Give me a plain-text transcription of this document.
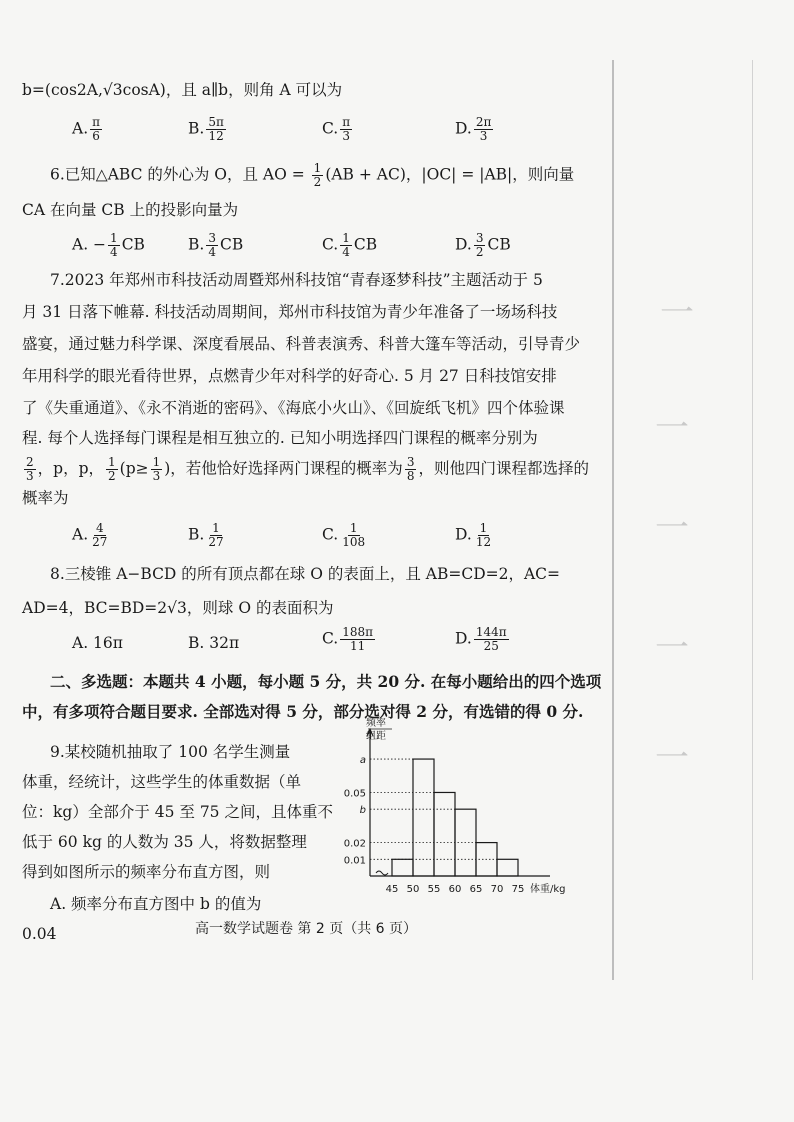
一
一
一
一
一
b=(cos2A,√3cosA)，且 a∥b，则角 A 可以为
A. $\frac{\pi}{6}$	B. $\frac{5\pi}{12}$	C. $\frac{\pi}{3}$	D. $\frac{2\pi}{3}$
6.已知△ABC 的外心为 O，且 AO = $\frac{1}{2} (AB + AC)$，|OC| = |AB|，则向量
CA 在向量 CB 上的投影向量为
A. − $\frac{1}{4}$ CB	B. $\frac{3}{4}$ CB	C. $\frac{1}{4}$ CB	D. $\frac{3}{2}$ CB
7.2023 年郑州市科技活动周暨郑州科技馆“青春逐梦科技”主题活动于 5
月 31 日落下帷幕. 科技活动周期间，郑州市科技馆为青少年准备了一场场科技
盛宴，通过魅力科学课、深度看展品、科普表演秀、科普大篷车等活动，引导青少
年用科学的眼光看待世界，点燃青少年对科学的好奇心. 5 月 27 日科技馆安排
了《失重通道》、《永不消逝的密码》、《海底小火山》、《回旋纸飞机》四个体验课
程. 每个人选择每门课程是相互独立的. 已知小明选择四门课程的概率分别为
$\frac{2}{3}$ ，p，p， $\frac{1}{2} (p\ge \frac{1}{3}$ )，若他恰好选择两门课程的概率为 $\frac{3}{8}$ ，则他四门课程都选择的
概率为
A. $\frac{4}{27}$	B. $\frac{1}{27}$	C. $\frac{1}{108}$	D. $\frac{1}{12}$
8.三棱锥 A−BCD 的所有顶点都在球 O 的表面上，且 AB=CD=2，AC=
AD=4，BC=BD=2√3，则球 O 的表面积为
A. 16π	B. 32π	C. $\frac{188\pi}{11}$	D. $\frac{144\pi}{25}$
二、多选题：本题共 4 小题，每小题 5 分，共 20 分. 在每小题给出的四个选项
中，有多项符合题目要求. 全部选对得 5 分，部分选对得 2 分，有选错的得 0 分.
9.某校随机抽取了 100 名学生测量
体重，经统计，这些学生的体重数据（单
位：kg）全部介于 45 至 75 之间，且体重不
低于 60 kg 的人数为 35 人，将数据整理
得到如图所示的频率分布直方图，则
A. 频率分布直方图中 b 的值为
0.04
频率
组距
a
0.05
b
0.02
0.01
45 50 55 60 65 70 75 体重/kg
高一数学试题卷 第 2 页（共 6 页）
